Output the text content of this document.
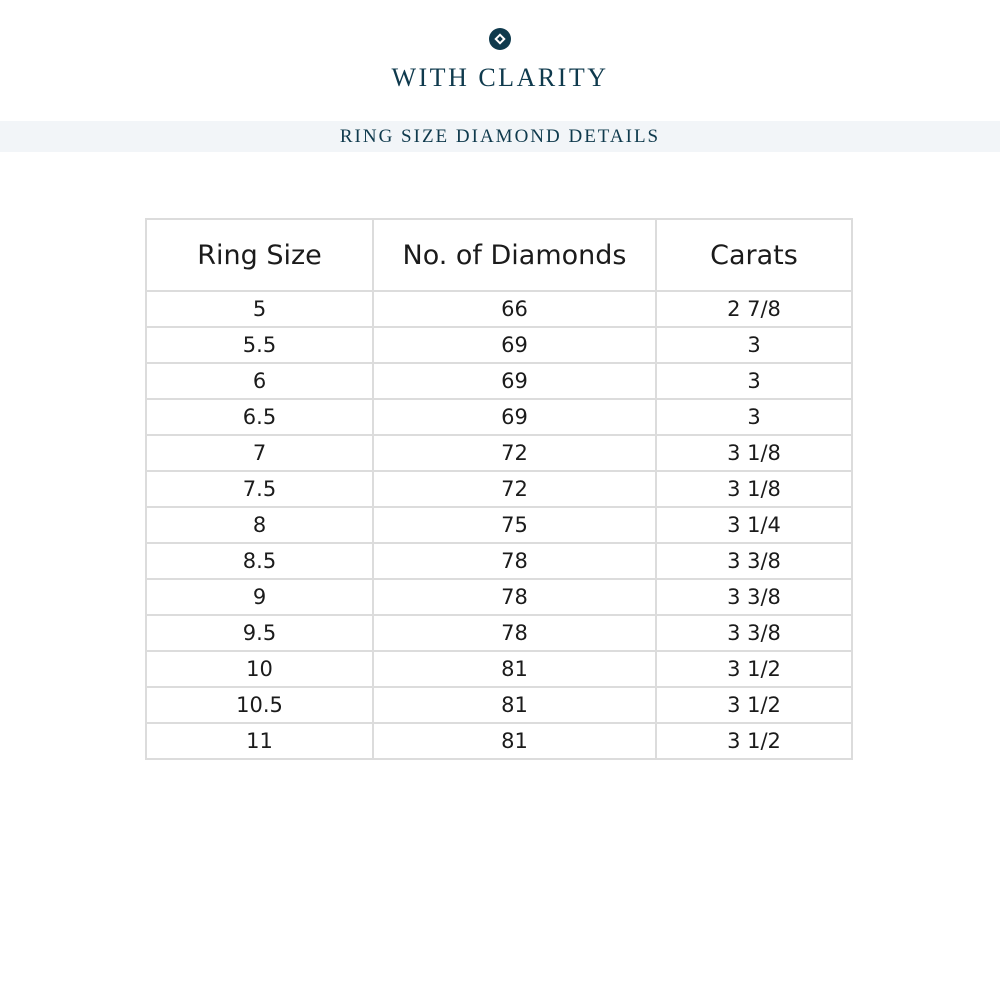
WITH CLARITY
RING SIZE DIAMOND DETAILS
Ring Size	No. of Diamonds	Carats
5	66	2 7/8
5.5	69	3
6	69	3
6.5	69	3
7	72	3 1/8
7.5	72	3 1/8
8	75	3 1/4
8.5	78	3 3/8
9	78	3 3/8
9.5	78	3 3/8
10	81	3 1/2
10.5	81	3 1/2
11	81	3 1/2
